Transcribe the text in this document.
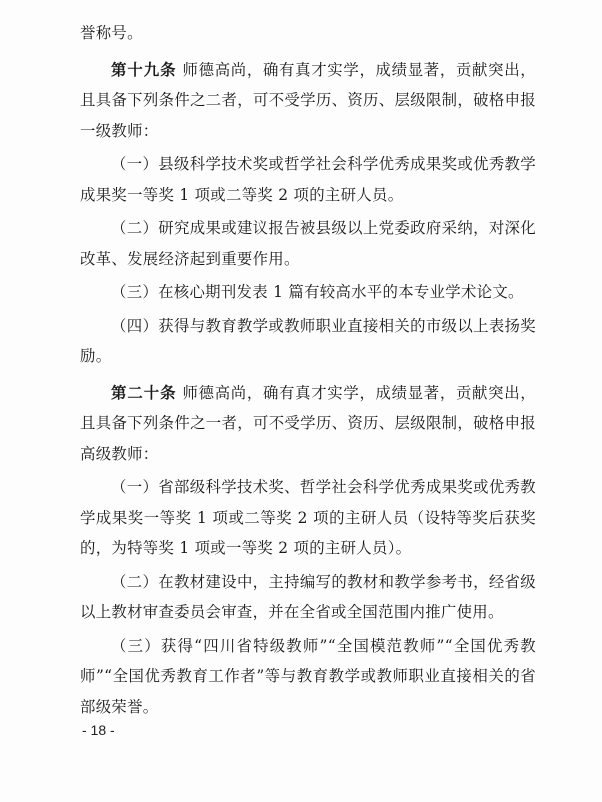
誉称号。

第十九条 师德高尚，确有真才实学，成绩显著，贡献突出，且具备下列条件之二者，可不受学历、资历、层级限制，破格申报一级教师：

（一）县级科学技术奖或哲学社会科学优秀成果奖或优秀教学成果奖一等奖 1 项或二等奖 2 项的主研人员。

（二）研究成果或建议报告被县级以上党委政府采纳，对深化改革、发展经济起到重要作用。

（三）在核心期刊发表 1 篇有较高水平的本专业学术论文。

（四）获得与教育教学或教师职业直接相关的市级以上表扬奖励。

第二十条 师德高尚，确有真才实学，成绩显著，贡献突出，且具备下列条件之一者，可不受学历、资历、层级限制，破格申报高级教师：

（一）省部级科学技术奖、哲学社会科学优秀成果奖或优秀教学成果奖一等奖 1 项或二等奖 2 项的主研人员（设特等奖后获奖的，为特等奖 1 项或一等奖 2 项的主研人员）。

（二）在教材建设中，主持编写的教材和教学参考书，经省级以上教材审查委员会审查，并在全省或全国范围内推广使用。

（三）获得“四川省特级教师”“全国模范教师”“全国优秀教师”“全国优秀教育工作者”等与教育教学或教师职业直接相关的省部级荣誉。

- 18 -
